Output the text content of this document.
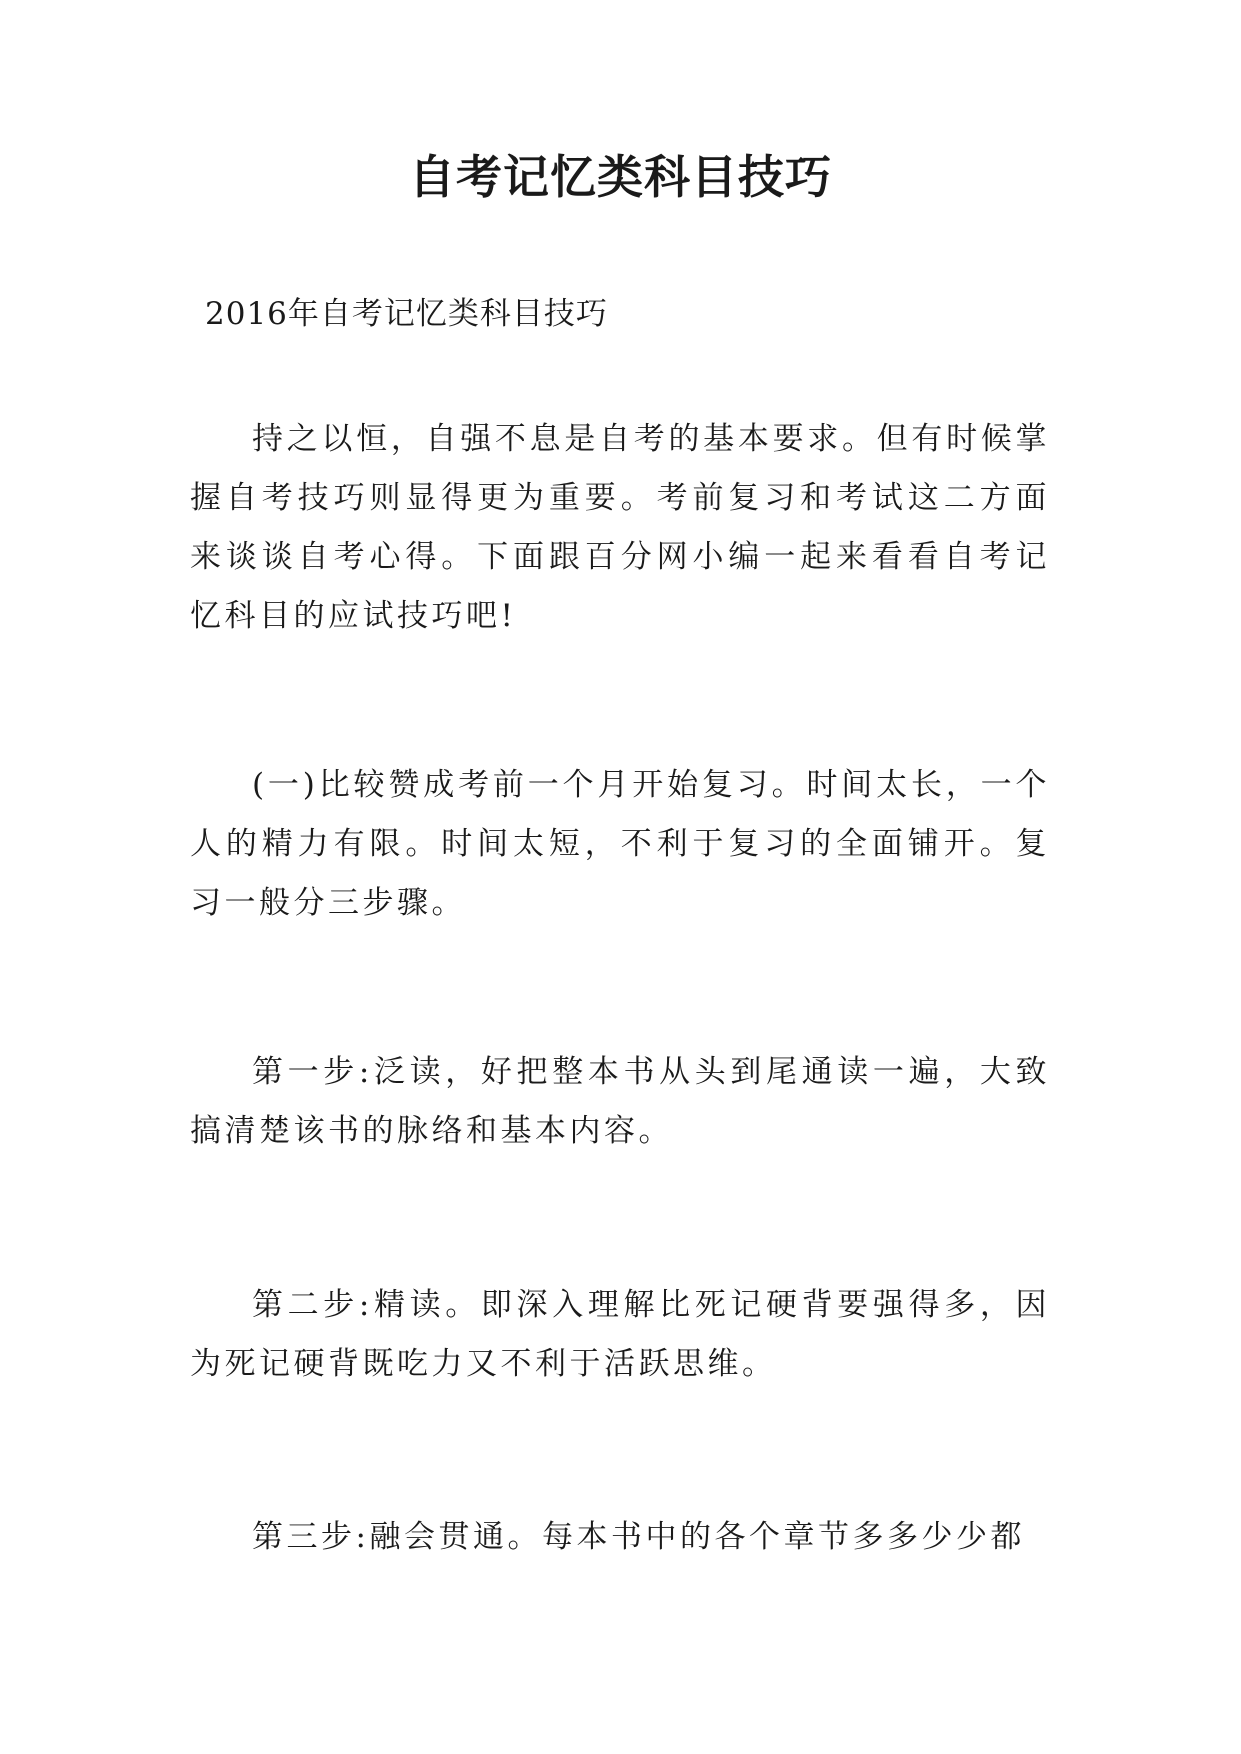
自考记忆类科目技巧
2016年自考记忆类科目技巧

持之以恒，自强不息是自考的基本要求。但有时候掌握自考技巧则显得更为重要。考前复习和考试这二方面来谈谈自考心得。下面跟百分网小编一起来看看自考记忆科目的应试技巧吧!

(一)比较赞成考前一个月开始复习。时间太长，一个人的精力有限。时间太短，不利于复习的全面铺开。复习一般分三步骤。

第一步:泛读，好把整本书从头到尾通读一遍，大致搞清楚该书的脉络和基本内容。

第二步:精读。即深入理解比死记硬背要强得多，因为死记硬背既吃力又不利于活跃思维。

第三步:融会贯通。每本书中的各个章节多多少少都
